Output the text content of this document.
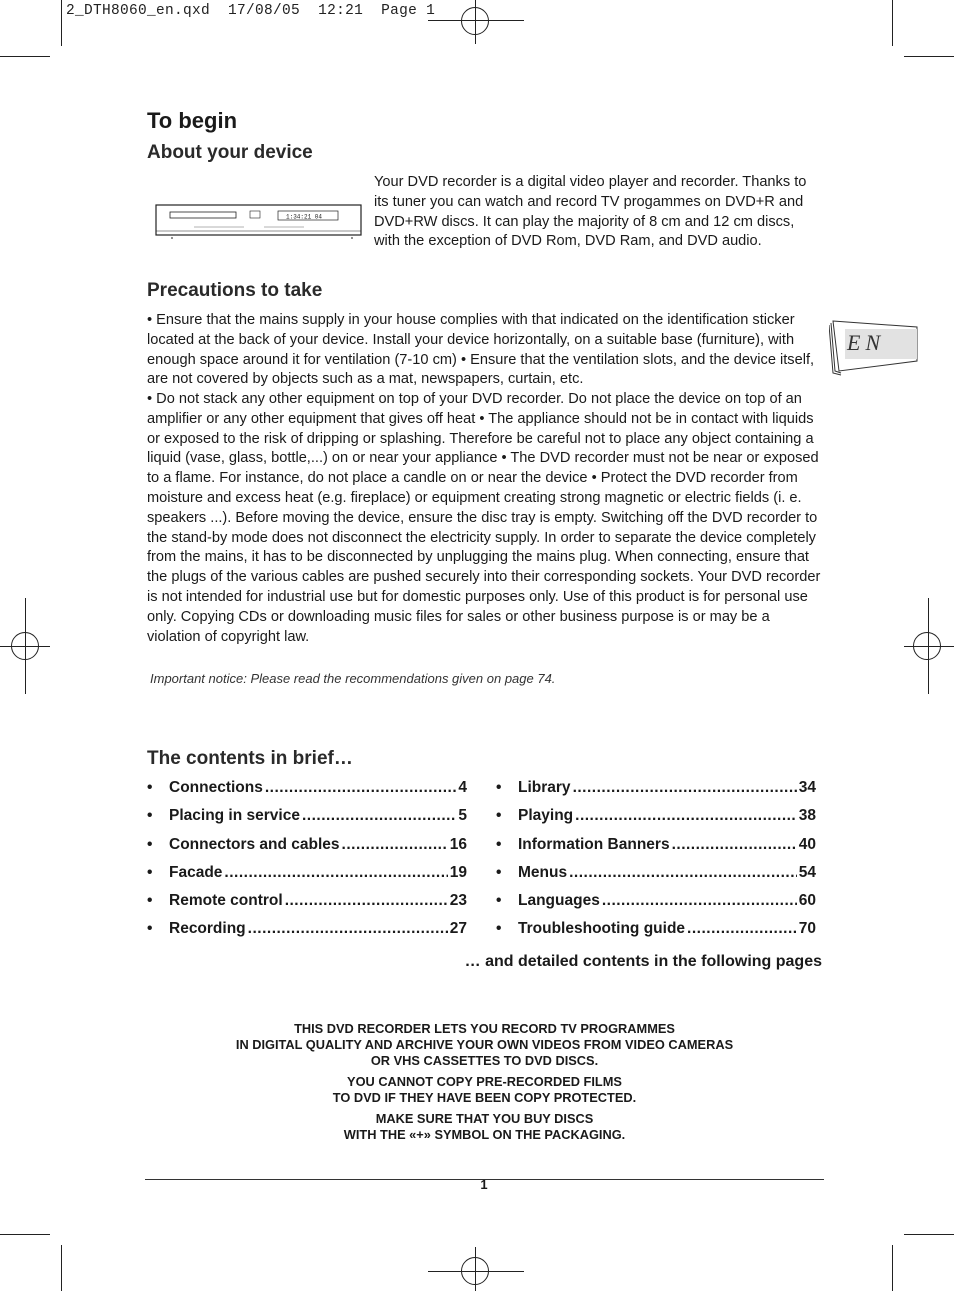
2_DTH8060_en.qxd 17/08/05 12:21 Page 1
EN
To begin
About your device
1:34:21 04

Your DVD recorder is a digital video player and recorder. Thanks to its tuner you can watch and record TV progammes on DVD+R and DVD+RW discs. It can play the majority of 8 cm and 12 cm discs, with the exception of DVD Rom, DVD Ram, and DVD audio.

Precautions to take

• Ensure that the mains supply in your house complies with that indicated on the identification sticker located at the back of your device. Install your device horizontally, on a suitable base (furniture), with enough space around it for ventilation (7-10 cm) • Ensure that the ventilation slots, and the device itself, are not covered by objects such as a mat, newspapers, curtain, etc.

• Do not stack any other equipment on top of your DVD recorder. Do not place the device on top of an amplifier or any other equipment that gives off heat • The appliance should not be in contact with liquids or exposed to the risk of dripping or splashing. Therefore be careful not to place any object containing a liquid (vase, glass, bottle,...) on or near your appliance • The DVD recorder must not be near or exposed to a flame. For instance, do not place a candle on or near the device • Protect the DVD recorder from moisture and excess heat (e.g. fireplace) or equipment creating strong magnetic or electric fields (i. e. speakers ...). Before moving the device, ensure the disc tray is empty. Switching off the DVD recorder to the stand-by mode does not disconnect the electricity supply. In order to separate the device completely from the mains, it has to be disconnected by unplugging the mains plug. When connecting, ensure that the plugs of the various cables are pushed securely into their corresponding sockets. Your DVD recorder is not intended for industrial use but for domestic purposes only. Use of this product is for personal use only. Copying CDs or downloading music files for sales or other business purpose is or may be a violation of copyright law.

Important notice: Please read the recommendations given on page 74.

The contents in brief…
• Connections .....	4
• Placing in service .....	5
• Connectors and cables .....	16
• Facade .....	19
• Remote control .....	23
• Recording .....	27
• Library .....	34
• Playing .....	38
• Information Banners .....	40
• Menus .....	54
• Languages .....	60
• Troubleshooting guide .....	70

… and detailed contents in the following pages

THIS DVD RECORDER LETS YOU RECORD TV PROGRAMMES
IN DIGITAL QUALITY AND ARCHIVE YOUR OWN VIDEOS FROM VIDEO CAMERAS
OR VHS CASSETTES TO DVD DISCS.

YOU CANNOT COPY PRE-RECORDED FILMS
TO DVD IF THEY HAVE BEEN COPY PROTECTED.

MAKE SURE THAT YOU BUY DISCS
WITH THE «+» SYMBOL ON THE PACKAGING.

1
